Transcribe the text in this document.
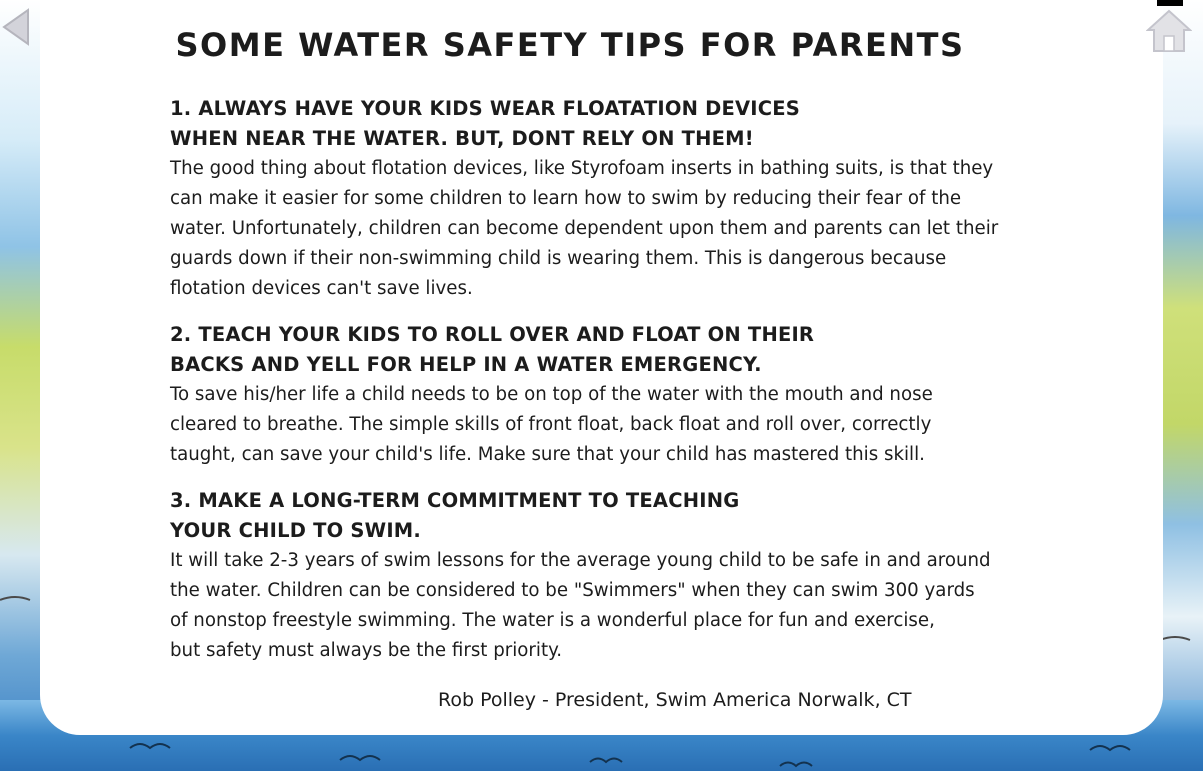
SOME WATER SAFETY TIPS FOR PARENTS

1. ALWAYS HAVE YOUR KIDS WEAR FLOATATION DEVICES
WHEN NEAR THE WATER. BUT, DONT RELY ON THEM!

The good thing about flotation devices, like Styrofoam inserts in bathing suits, is that they
can make it easier for some children to learn how to swim by reducing their fear of the
water. Unfortunately, children can become dependent upon them and parents can let their
guards down if their non-swimming child is wearing them. This is dangerous because
flotation devices can't save lives.

2. TEACH YOUR KIDS TO ROLL OVER AND FLOAT ON THEIR
BACKS AND YELL FOR HELP IN A WATER EMERGENCY.

To save his/her life a child needs to be on top of the water with the mouth and nose
cleared to breathe. The simple skills of front float, back float and roll over, correctly
taught, can save your child's life. Make sure that your child has mastered this skill.

3. MAKE A LONG-TERM COMMITMENT TO TEACHING
YOUR CHILD TO SWIM.

It will take 2-3 years of swim lessons for the average young child to be safe in and around
the water. Children can be considered to be "Swimmers" when they can swim 300 yards
of nonstop freestyle swimming. The water is a wonderful place for fun and exercise,
but safety must always be the first priority.

Rob Polley - President, Swim America Norwalk, CT
